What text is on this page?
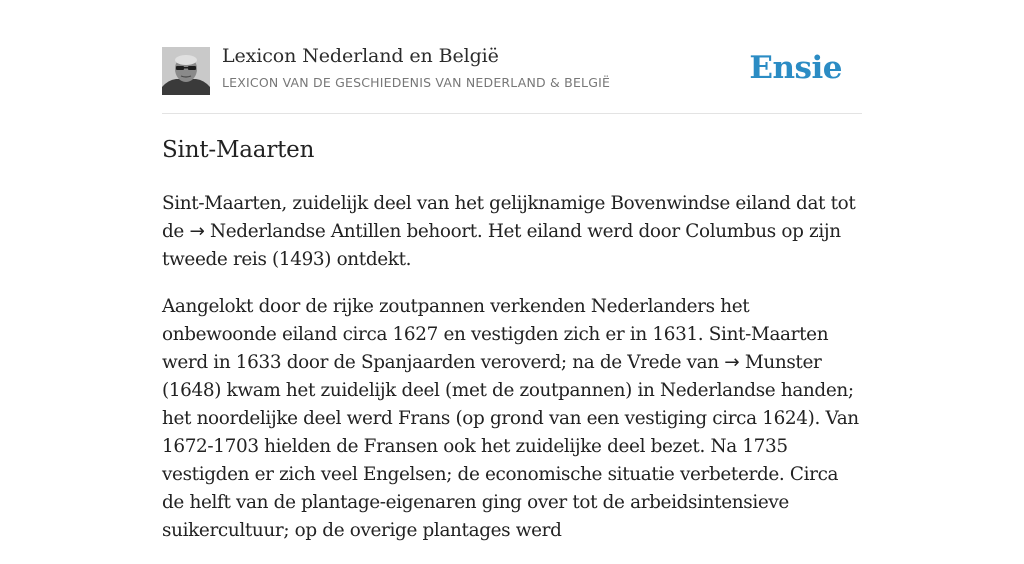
Lexicon Nederland en België
LEXICON VAN DE GESCHIEDENIS VAN NEDERLAND & BELGIË	Ensie
Sint-Maarten

Sint-Maarten, zuidelijk deel van het gelijknamige Bovenwindse eiland dat tot de → Nederlandse Antillen behoort. Het eiland werd door Columbus op zijn tweede reis (1493) ontdekt.

Aangelokt door de rijke zoutpannen verkenden Nederlanders het onbewoonde eiland circa 1627 en vestigden zich er in 1631. Sint-Maarten werd in 1633 door de Spanjaarden veroverd; na de Vrede van → Munster (1648) kwam het zuidelijk deel (met de zoutpannen) in Nederlandse handen; het noordelijke deel werd Frans (op grond van een vestiging circa 1624). Van 1672-1703 hielden de Fransen ook het zuidelijke deel bezet. Na 1735 vestigden er zich veel Engelsen; de economische situatie verbeterde. Circa de helft van de plantage-eigenaren ging over tot de arbeidsintensieve suikercultuur; op de overige plantages werd
